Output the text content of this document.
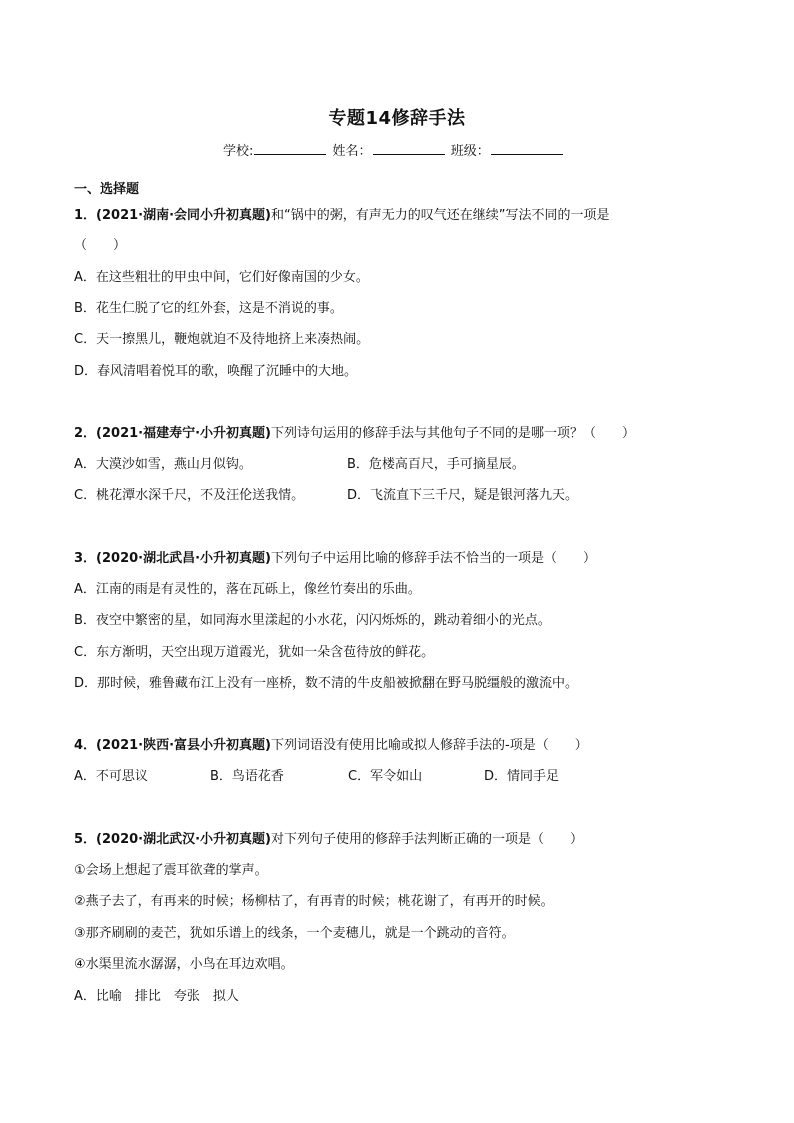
专题14修辞手法
学校:	姓名：	班级：
一、选择题
1．(2021·湖南·会同小升初真题)和“锅中的粥，有声无力的叹气还在继续”写法不同的一项是
（　　）
A．在这些粗壮的甲虫中间，它们好像南国的少女。
B．花生仁脱了它的红外套，这是不消说的事。
C．天一擦黑儿，鞭炮就迫不及待地挤上来凑热闹。
D．春风清唱着悦耳的歌，唤醒了沉睡中的大地。
2．(2021·福建寿宁·小升初真题)下列诗句运用的修辞手法与其他句子不同的是哪一项？（　　）
A．大漠沙如雪，燕山月似钩。	B．危楼高百尺，手可摘星辰。
C．桃花潭水深千尺，不及汪伦送我情。	D．飞流直下三千尺，疑是银河落九天。
3．(2020·湖北武昌·小升初真题)下列句子中运用比喻的修辞手法不恰当的一项是（　　）
A．江南的雨是有灵性的，落在瓦砾上，像丝竹奏出的乐曲。
B．夜空中繁密的星，如同海水里漾起的小水花，闪闪烁烁的，跳动着细小的光点。
C．东方渐明，天空出现万道霞光，犹如一朵含苞待放的鲜花。
D．那时候，雅鲁藏布江上没有一座桥，数不清的牛皮船被掀翻在野马脱缰般的激流中。
4．(2021·陕西·富县小升初真题)下列词语没有使用比喻或拟人修辞手法的-项是（　　）
A．不可思议	B．鸟语花香	C．军令如山	D．情同手足
5．(2020·湖北武汉·小升初真题)对下列句子使用的修辞手法判断正确的一项是（　　）
①会场上想起了震耳欲聋的掌声。
②燕子去了，有再来的时候；杨柳枯了，有再青的时候；桃花谢了，有再开的时候。
③那齐刷刷的麦芒，犹如乐谱上的线条，一个麦穗儿，就是一个跳动的音符。
④水渠里流水潺潺，小鸟在耳边欢唱。
A．比喻　排比　夸张　拟人
